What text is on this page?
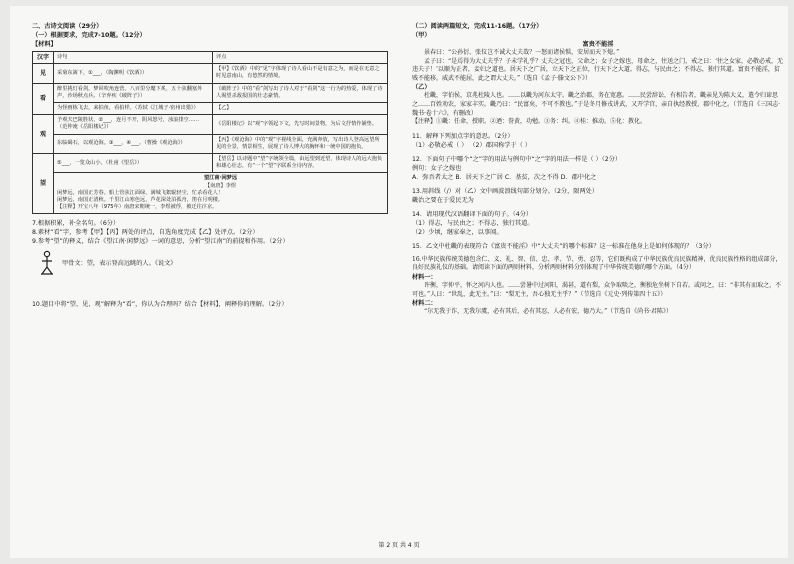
二、古诗文阅读（29分）
（一）根据要求，完成7-10题。（12分）
【材料】
汉字	诗句	评点
见	采菊东篱下，①___，（陶渊明《饮酒》）	【甲】《饮酒》中的“见”字体现了诗人看山不是有意之为，而是在无意之时见意南山，有悠然的情境。
看	醉里挑灯看剑，梦回吹角连营。八百里分麾下炙，五十弦翻塞外声，沙场秋点兵。（辛弃疾《破阵子》）	《破阵子》中的“看”剑写出了诗人对于“看剑”这一行为的热爱，体现了诗人渴望杀敌报国的壮志豪情。
	为怪画栋飞去，来拍鱼，看拍样。（苏轼《江城子·密州出猎》）	【乙】
观	予观夫巴陵胜状，②___，连月不开，阴风怒号，浊浪排空……（范仲淹《岳阳楼记》）	《岳阳楼记》以“观”字领起下文，先写时间景物，为后文抒情作铺垫。
	东临碣石，以观沧海。③___，④___。（曹操《观沧海》）	【丙】《观沧海》中的“观”字视线全面，充满奔放，写出诗人登高远望所见的全景，情景相生，展现了诗人博大的胸怀和一统中国的抱负。
望	⑤___，一览众山小。（杜甫《望岳》）	【望岳】以诗题中“望”字统领全篇，由远望到近望，体现诗人的远大抱负和雄心壮志，有“一个“望”字联系全诗内容。

	望江南·闲梦远
【南唐】李煜
闲梦远，南国正芳春。船上管弦江面绿，满城飞絮辊轻尘，忙杀看花人！
闲梦远，南国正清秋。千里江山寒色远，芦花深处泊孤舟，笛在月明楼。
【注释】开宝八年（975年）南唐宋朝统一，李煜被俘，被迁往汴京。	
7.根据积累，补全名句。（6分）
8.素材“看”字，参考【甲】【丙】两处的评点，自选角度完成【乙】处评点。（2分）
9.参考“望”的释义，结合《望江南·闲梦远》一词的意思，分析“望江南”的前提和作用。（2分）
甲骨文：望，表示登高远眺的人。《说文》
10.题目中将“望、见、观”解释为“看”，你认为合理吗？结合【材料】，阐释你的理解。（2分）
（二）阅读两篇短文，完成11-16题。（17分）
（甲）
富贵不能淫
景春曰：“公孙衍、张仪岂不诚大丈夫哉？一怒而诸侯惧，安居而天下熄。”
孟子曰：“是焉得为大丈夫乎？子未学礼乎？丈夫之冠也，父命之；女子之嫁也，母命之，往送之门，戒之曰：‘往之女家，必敬必戒，无违夫子！’以顺为正者，妾妇之道也。居天下之广居，立天下之正位，行天下之大道。得志，与民由之；不得志，独行其道。富贵不能淫，贫贱不能移，威武不能屈，此之谓大丈夫。”（选自《孟子·滕文公下》）
（乙）
杜畿，字伯侯，京兆杜陵人也。……以畿为河东太守。畿之治郡，务在宽惠。……民尝辞讼，有相告者，畿亲见为陈大义，遣令归谛思之……百姓劝农，家家丰实。畿乃曰：“民富矣，不可不教也。”于是冬月修戎讲武，又开学宫，亲自执经教授，郡中化之。（节选自《三国志·魏书·卷十六》，有删改）
【注释】①畿：任命，授职。②迺：誊黄，功勉。③务：纠。④桂：推动。⑤化：教化。
11．解释下列加点字的意思。（2分）
（1）必敬必戒（ ） （2）郡国称学于（ ）
12．下面句子中哪个“之”字的用法与例句中“之”字的用法一样是（ ）（2分）
例句：女子之嫁也
A．弥吾者太之 B．居天下之广居 C．基贫，次之不得 D．郡中化之
13.用斜线（/）对（乙）文中画波浪线句部分划分。（2分，限两处）
畿治之要在于爱民无为
14．请用现代汉语翻译下面的句子。（4分）
（1）得志，与民由之；不得志，独行其道。
（2）少顷，继家奉之，以事闻。
15．乙文中杜畿的表现符合《富贵不能淫》中“大丈夫”的哪个标准？这一标准在他身上是如何体现的？（3分）
16.中华民族传统美德包含仁、义、礼、智、信、忠、孝、节、勇、忍等，它们既构成了中华民族优良民族精神，优良民族性格的组成部分，良好民族礼仪的基础。请阅读下面的两则材料，分析两则材料分别体现了中华传统美德的哪个方面。（4分）
材料一：
许衡，字仲平，怀之河内人也。……尝暑中过河阳，渴甚，道有梨，众争取啖之，衡独危坐树下自若。或问之，曰：“非其有而取之，不可也。”人曰：“世乱，此无主。”曰：“梨无主，吾心独无主乎？”（节选自《元史·列传第四十五》）
材料二：
“尔无我于诈，无我尔虞，必有其后，必有其忍，人必有宏，德乃大。”（节选自《尚书·君陈》）
第 2 页 共 4 页
